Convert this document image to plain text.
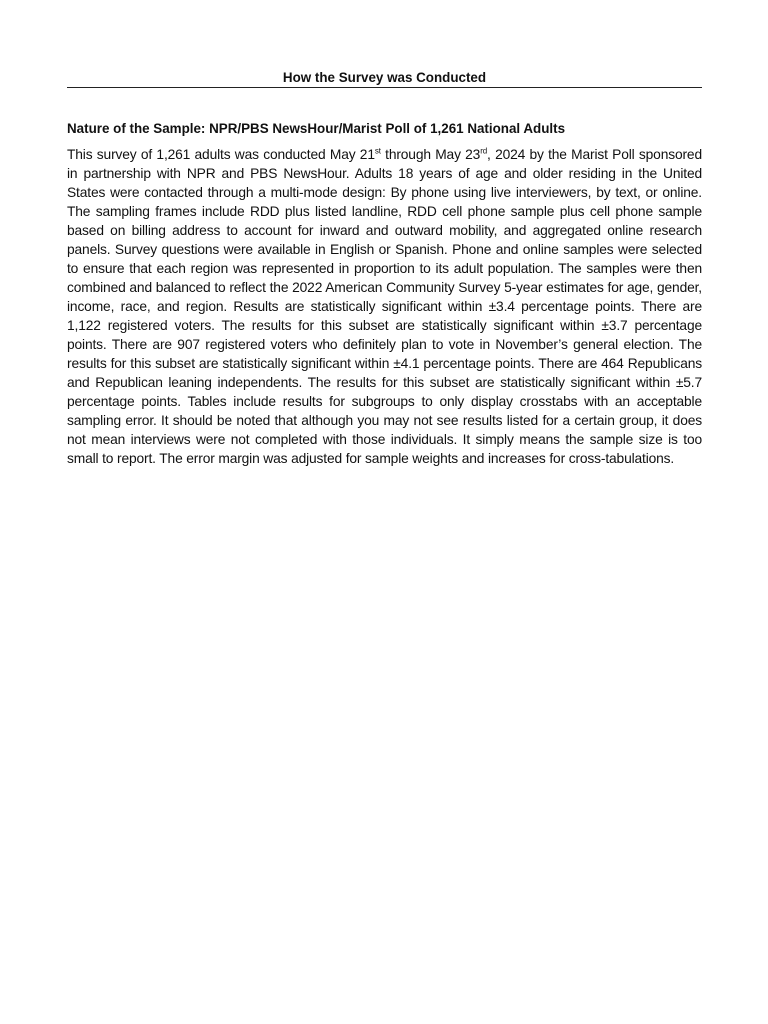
How the Survey was Conducted
Nature of the Sample: NPR/PBS NewsHour/Marist Poll of 1,261 National Adults

This survey of 1,261 adults was conducted May 21st through May 23rd, 2024 by the Marist Poll sponsored in partnership with NPR and PBS NewsHour. Adults 18 years of age and older residing in the United States were contacted through a multi-mode design: By phone using live interviewers, by text, or online. The sampling frames include RDD plus listed landline, RDD cell phone sample plus cell phone sample based on billing address to account for inward and outward mobility, and aggregated online research panels. Survey questions were available in English or Spanish. Phone and online samples were selected to ensure that each region was represented in proportion to its adult population. The samples were then combined and balanced to reflect the 2022 American Community Survey 5-year estimates for age, gender, income, race, and region. Results are statistically significant within ±3.4 percentage points. There are 1,122 registered voters. The results for this subset are statistically significant within ±3.7 percentage points. There are 907 registered voters who definitely plan to vote in November’s general election. The results for this subset are statistically significant within ±4.1 percentage points. There are 464 Republicans and Republican leaning independents. The results for this subset are statistically significant within ±5.7 percentage points. Tables include results for subgroups to only display crosstabs with an acceptable sampling error. It should be noted that although you may not see results listed for a certain group, it does not mean interviews were not completed with those individuals. It simply means the sample size is too small to report. The error margin was adjusted for sample weights and increases for cross-tabulations.
